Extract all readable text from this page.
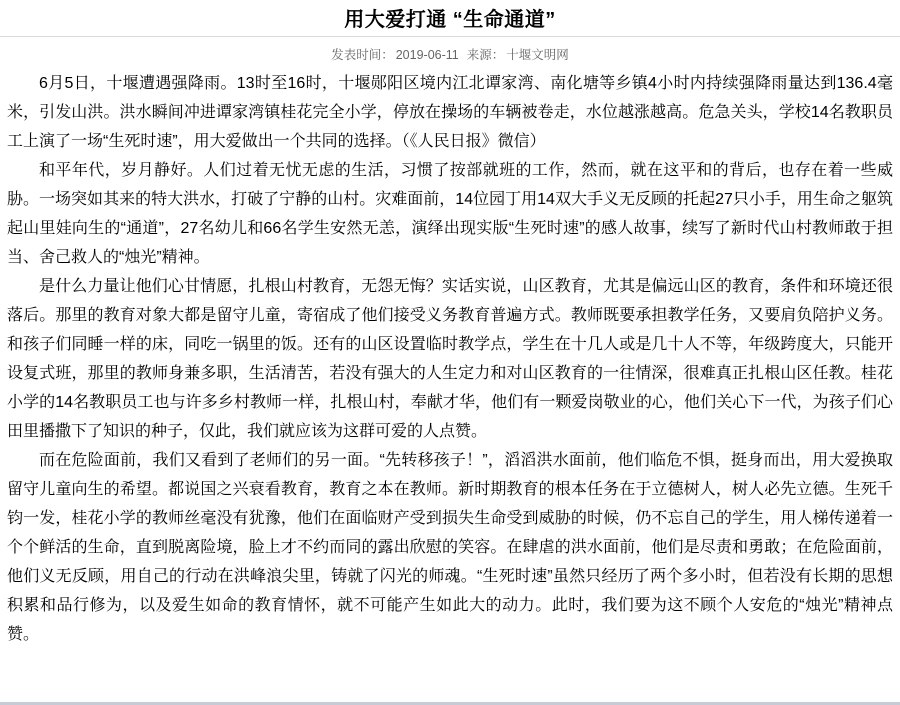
用大爱打通 “生命通道”
发表时间： 2019-06-11 来源： 十堰文明网

6月5日，十堰遭遇强降雨。13时至16时，十堰郧阳区境内江北谭家湾、南化塘等乡镇4小时内持续强降雨量达到136.4毫米，引发山洪。洪水瞬间冲进谭家湾镇桂花完全小学，停放在操场的车辆被卷走，水位越涨越高。危急关头，学校14名教职员工上演了一场“生死时速”，用大爱做出一个共同的选择。（《人民日报》微信）

和平年代，岁月静好。人们过着无忧无虑的生活，习惯了按部就班的工作，然而，就在这平和的背后，也存在着一些威胁。一场突如其来的特大洪水，打破了宁静的山村。灾难面前，14位园丁用14双大手义无反顾的托起27只小手，用生命之躯筑起山里娃向生的“通道”，27名幼儿和66名学生安然无恙，演绎出现实版“生死时速”的感人故事，续写了新时代山村教师敢于担当、舍己救人的“烛光”精神。

是什么力量让他们心甘情愿，扎根山村教育，无怨无悔？实话实说，山区教育，尤其是偏远山区的教育，条件和环境还很落后。那里的教育对象大都是留守儿童，寄宿成了他们接受义务教育普遍方式。教师既要承担教学任务，又要肩负陪护义务。和孩子们同睡一样的床，同吃一锅里的饭。还有的山区设置临时教学点，学生在十几人或是几十人不等，年级跨度大，只能开设复式班，那里的教师身兼多职，生活清苦，若没有强大的人生定力和对山区教育的一往情深，很难真正扎根山区任教。桂花小学的14名教职员工也与许多乡村教师一样，扎根山村，奉献才华，他们有一颗爱岗敬业的心，他们关心下一代，为孩子们心田里播撒下了知识的种子，仅此，我们就应该为这群可爱的人点赞。

而在危险面前，我们又看到了老师们的另一面。“先转移孩子！”，滔滔洪水面前，他们临危不惧，挺身而出，用大爱换取留守儿童向生的希望。都说国之兴衰看教育，教育之本在教师。新时期教育的根本任务在于立德树人，树人必先立德。生死千钧一发，桂花小学的教师丝毫没有犹豫，他们在面临财产受到损失生命受到威胁的时候，仍不忘自己的学生，用人梯传递着一个个鲜活的生命，直到脱离险境，脸上才不约而同的露出欣慰的笑容。在肆虐的洪水面前，他们是尽责和勇敢；在危险面前，他们义无反顾，用自己的行动在洪峰浪尖里，铸就了闪光的师魂。“生死时速”虽然只经历了两个多小时，但若没有长期的思想积累和品行修为，以及爱生如命的教育情怀，就不可能产生如此大的动力。此时，我们要为这不顾个人安危的“烛光”精神点赞。
